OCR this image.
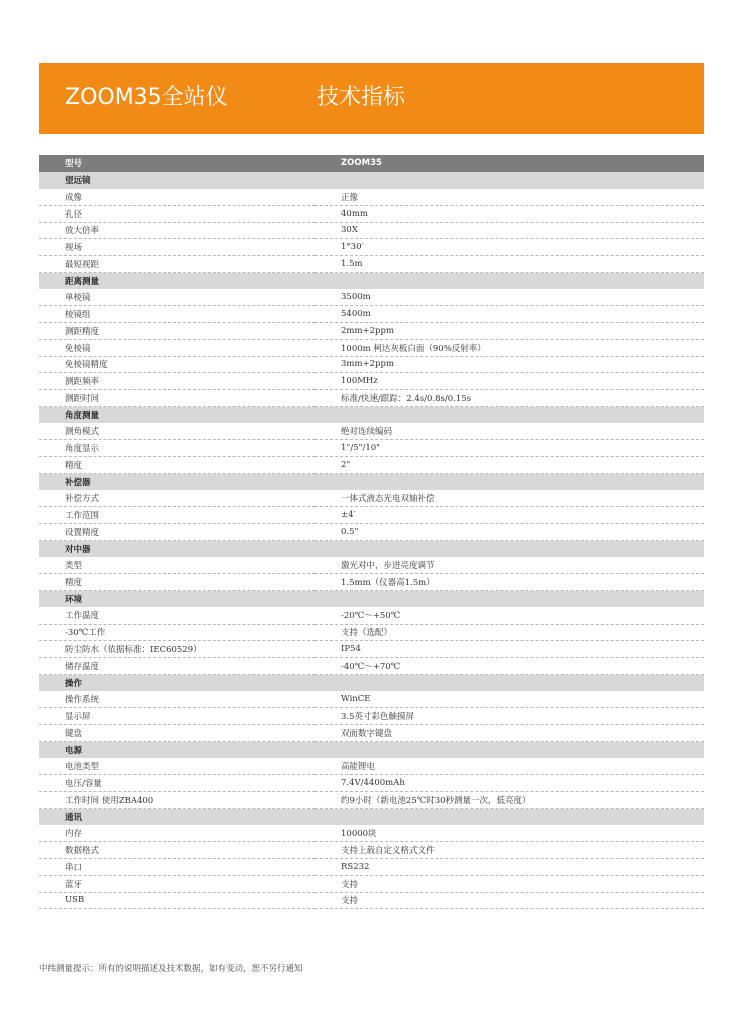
ZOOM35全站仪	技术指标
型号	ZOOM35
望远镜	
成像	正像
孔径	40mm
放大倍率	30X
视场	1°30′
最短视距	1.5m
距离测量	
单棱镜	3500m
棱镜组	5400m
测距精度	2mm+2ppm
免棱镜	1000m 柯达灰板白面（90%反射率）
免棱镜精度	3mm+2ppm
测距频率	100MHz
测距时间	标准/快速/跟踪：2.4s/0.8s/0.15s
角度测量	
测角模式	绝对连续编码
角度显示	1"/5"/10"
精度	2"
补偿器	
补偿方式	一体式液态光电双轴补偿
工作范围	±4′
设置精度	0.5"
对中器	
类型	激光对中，步进亮度调节
精度	1.5mm（仪器高1.5m）
环境	
工作温度	-20℃～+50℃
-30℃工作	支持（选配）
防尘防水（依据标准：IEC60529）	IP54
储存温度	-40℃～+70℃
操作	
操作系统	WinCE
显示屏	3.5英寸彩色触摸屏
键盘	双面数字键盘
电源	
电池类型	高能锂电
电压/容量	7.4V/4400mAh
工作时间 使用ZBA400	约9小时（新电池25℃时30秒测量一次，低亮度）
通讯	
内存	10000块
数据格式	支持上载自定义格式文件
串口	RS232
蓝牙	支持
USB	支持
中纬测量提示：所有的说明描述及技术数据，如有变动，恕不另行通知
